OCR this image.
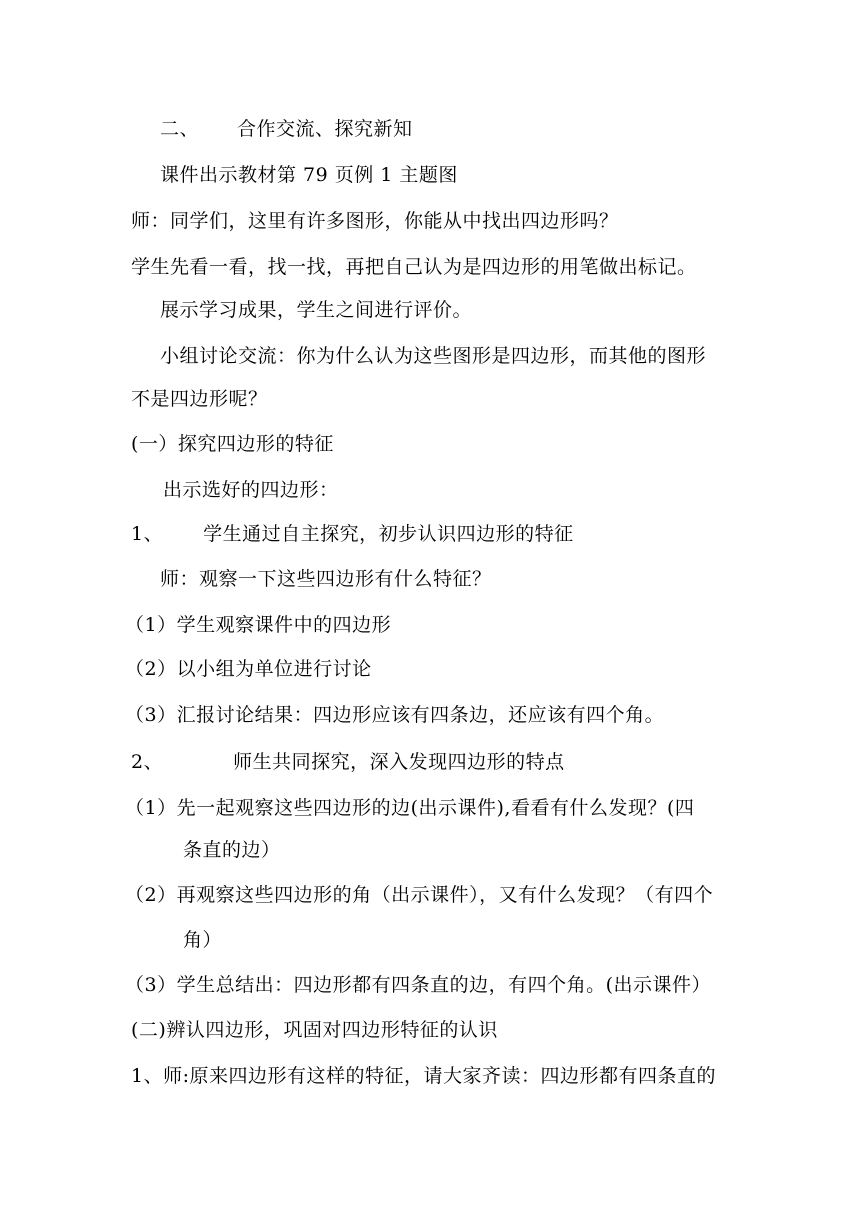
二、 合作交流、探究新知
课件出示教材第 79 页例 1 主题图
师：同学们，这里有许多图形，你能从中找出四边形吗？
学生先看一看，找一找，再把自己认为是四边形的用笔做出标记。
展示学习成果，学生之间进行评价。
小组讨论交流：你为什么认为这些图形是四边形，而其他的图形
不是四边形呢？
(一）探究四边形的特征
出示选好的四边形：
1、 学生通过自主探究，初步认识四边形的特征
师：观察一下这些四边形有什么特征？
（1）学生观察课件中的四边形
（2）以小组为单位进行讨论
（3）汇报讨论结果：四边形应该有四条边，还应该有四个角。
2、	师生共同探究，深入发现四边形的特点
（1）先一起观察这些四边形的边(出示课件),看看有什么发现？(四
条直的边）
（2）再观察这些四边形的角（出示课件），又有什么发现？（有四个
角）
（3）学生总结出：四边形都有四条直的边，有四个角。(出示课件）
(二)辨认四边形，巩固对四边形特征的认识
1、师:原来四边形有这样的特征，请大家齐读：四边形都有四条直的
